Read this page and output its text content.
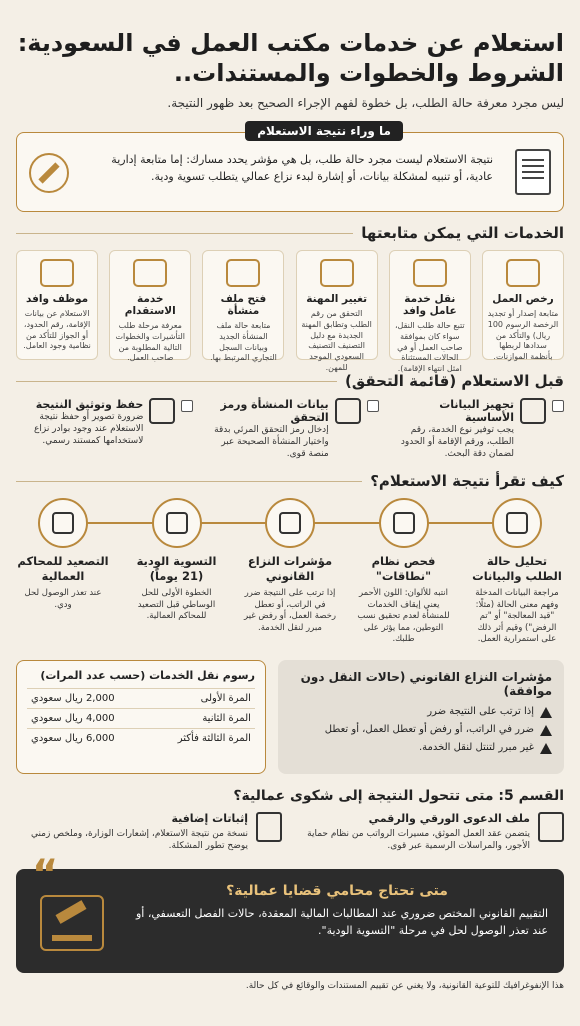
استعلام عن خدمات مكتب العمل في السعودية: الشروط والخطوات والمستندات..

ليس مجرد معرفة حالة الطلب، بل خطوة لفهم الإجراء الصحيح بعد ظهور النتيجة.

ما وراء نتيجة الاستعلام

نتيجة الاستعلام ليست مجرد حالة طلب، بل هي مؤشر يحدد مسارك: إما متابعة إدارية عادية، أو تنبيه لمشكلة بيانات، أو إشارة لبدء نزاع عمالي يتطلب تسوية ودية.

الخدمات التي يمكن متابعتها
رخص العمل
متابعة إصدار أو تجديد الرخصة الرسوم 100 ريال) والتأكد من سدادها لربطها بأنظمة الموازنات.
نقل خدمة عامل وافد
تتبع حالة طلب النقل، سواء كان بموافقة صاحب العمل أو في الحالات المستثناة امثل انتهاء الإقامة).
تغيير المهنة
التحقق من رقم الطلب وتطابق المهنة الجديدة مع دليل التصنيف التصنيف السعودي الموحد للمهن.
فتح ملف منشأة
متابعة حالة ملف المنشأة الجديد وبيانات السجل التجاري المرتبط بها.
خدمة الاستقدام
معرفة مرحلة طلب التأشيرات والخطوات التالية المطلوبة من صاحب العمل.
موظف وافد
الاستعلام عن بيانات الإقامة، رقم الحدود، أو الجواز للتأكد من نظامية وجود العامل.
قبل الاستعلام (قائمة التحقق)
تجهيز البيانات الأساسية
يجب توفير نوع الخدمة، رقم الطلب، ورقم الإقامة أو الحدود لضمان دقة البحث.
بيانات المنشأة ورمز التحقق
إدخال رمز التحقق المرئي بدقة واختيار المنشأة الصحيحة عبر منصة قوى.
حفظ وتوثيق النتيجة
ضرورة تصوير أو حفظ نتيجة الاستعلام عند وجود بوادر نزاع لاستخدامها كمستند رسمي.
كيف تقرأ نتيجة الاستعلام؟
تحليل حالة الطلب والبيانات
مراجعة البيانات المدخلة وفهم معنى الحالة (مثلًا: "قيد المعالجة" أو "تم الرفض") وقيم أثر ذلك على استمرارية العمل.
فحص نظام "نطاقات"
انتبه للألوان: اللون الأحمر يعني إيقاف الخدمات للمنشأة لعدم تحقيق نسب التوطين، مما يؤثر على طلبك.
مؤشرات النزاع القانوني
إذا ترتب على النتيجة ضرر في الراتب، أو تعطل رخصة العمل، أو رفض غير مبرر لنقل الخدمة.
التسوية الودية (21 يوماً)
الخطوة الأولى للحل الوساطي قبل التصعيد للمحاكم العمالية.
التصعيد للمحاكم العمالية
عند تعذر الوصول لحل ودي.
مؤشرات النزاع القانوني (حالات النقل دون موافقة)
إذا ترتب على النتيجة ضرر
ضرر في الراتب، أو رفض أو تعطل العمل، أو تعطل
غير مبرر لتنتل لنقل الخدمة.
رسوم نقل الخدمات (حسب عدد المرات)
المرة الأولى
2,000 ريال سعودي
المرة الثانية
4,000 ريال سعودي
المرة الثالثة فأكثر
6,000 ريال سعودي
القسم 5: متى تتحول النتيجة إلى شكوى عمالية؟
ملف الدعوى الورقي والرقمي
يتضمن عقد العمل الموثق، مسيرات الرواتب من نظام حماية الأجور، والمراسلات الرسمية عبر قوى.
إثباتات إضافية
نسخة من نتيجة الاستعلام، إشعارات الوزارة، وملخص زمني يوضح تطور المشكلة.
“	متى تحتاج محامي قضايا عمالية؟

التقييم القانوني المختص ضروري عند المطالبات المالية المعقدة، حالات الفصل التعسفي، أو عند تعذر الوصول لحل في مرحلة "التسوية الودية".

هذا الإنفوغرافيك للتوعية القانونية، ولا يغني عن تقييم المستندات والوقائع في كل حالة.
